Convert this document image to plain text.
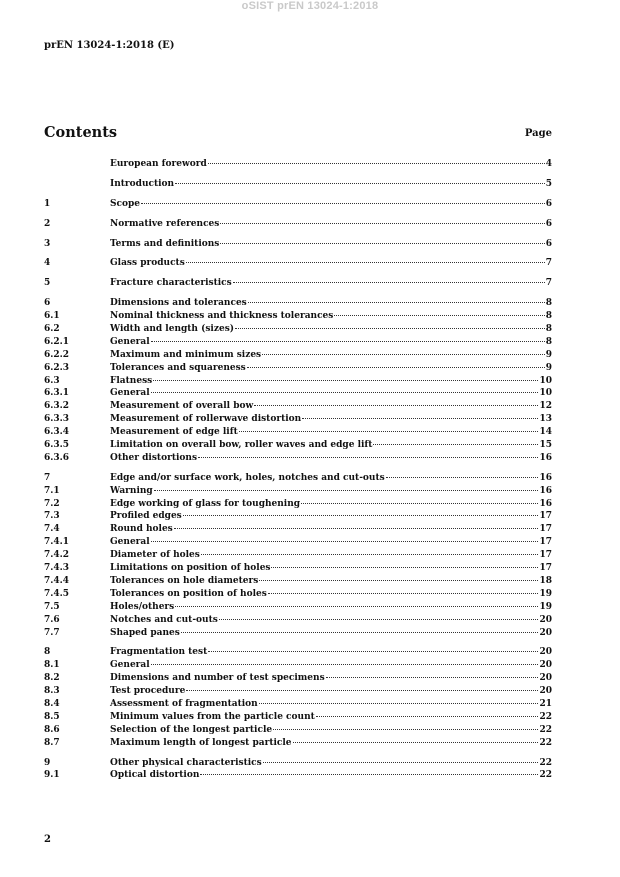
oSIST prEN 13024-1:2018
prEN 13024-1:2018 (E)
Contents	Page
European foreword	4
Introduction	5
1	Scope	6
2	Normative references	6
3	Terms and definitions	6
4	Glass products	7
5	Fracture characteristics	7
6	Dimensions and tolerances	8
6.1	Nominal thickness and thickness tolerances	8
6.2	Width and length (sizes)	8
6.2.1	General	8
6.2.2	Maximum and minimum sizes	9
6.2.3	Tolerances and squareness	9
6.3	Flatness	10
6.3.1	General	10
6.3.2	Measurement of overall bow	12
6.3.3	Measurement of rollerwave distortion	13
6.3.4	Measurement of edge lift	14
6.3.5	Limitation on overall bow, roller waves and edge lift	15
6.3.6	Other distortions	16
7	Edge and/or surface work, holes, notches and cut-outs	16
7.1	Warning	16
7.2	Edge working of glass for toughening	16
7.3	Profiled edges	17
7.4	Round holes	17
7.4.1	General	17
7.4.2	Diameter of holes	17
7.4.3	Limitations on position of holes	17
7.4.4	Tolerances on hole diameters	18
7.4.5	Tolerances on position of holes	19
7.5	Holes/others	19
7.6	Notches and cut-outs	20
7.7	Shaped panes	20
8	Fragmentation test	20
8.1	General	20
8.2	Dimensions and number of test specimens	20
8.3	Test procedure	20
8.4	Assessment of fragmentation	21
8.5	Minimum values from the particle count	22
8.6	Selection of the longest particle	22
8.7	Maximum length of longest particle	22
9	Other physical characteristics	22
9.1	Optical distortion	22
2
